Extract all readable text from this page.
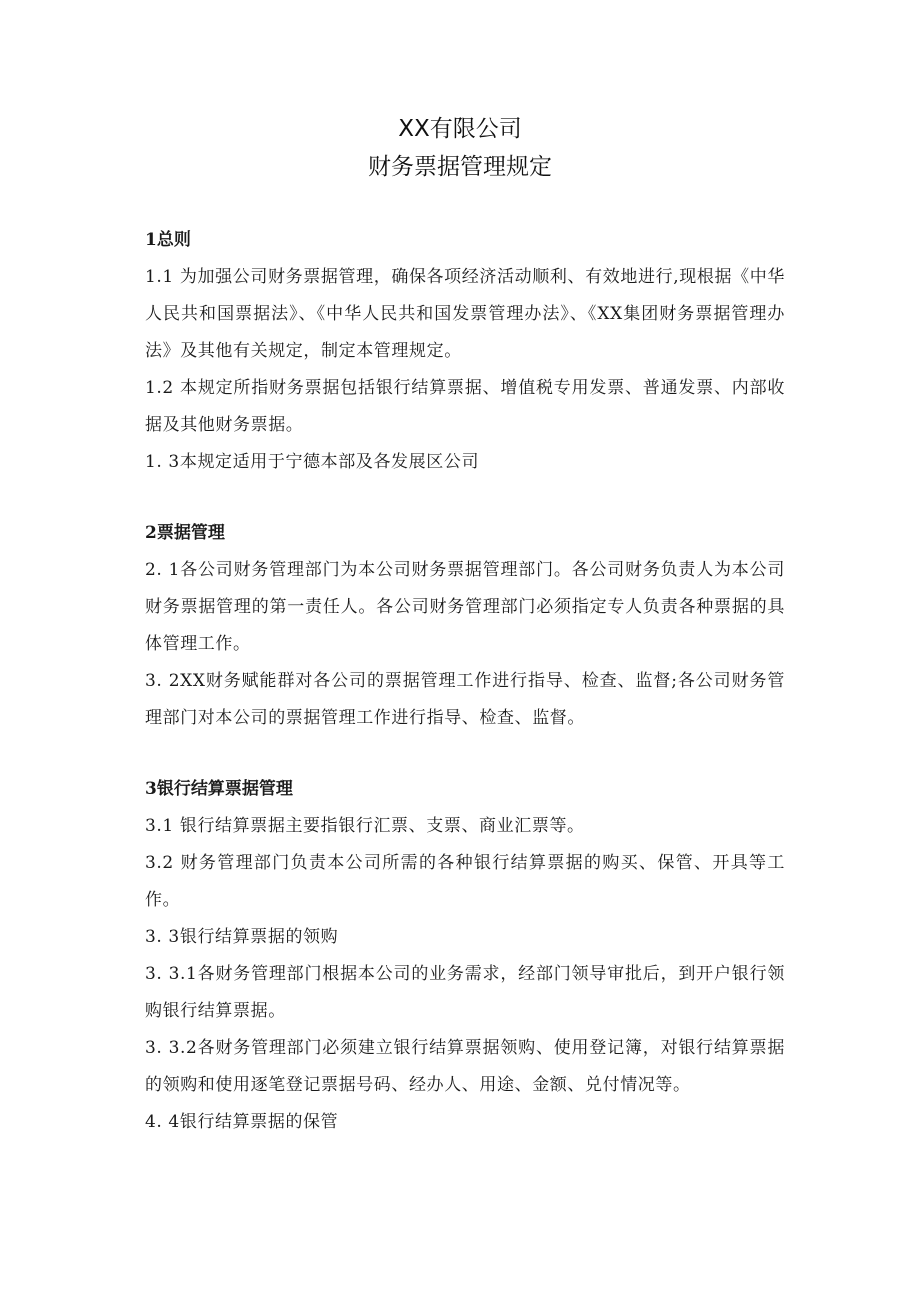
XX有限公司
财务票据管理规定
1总则
1.1 为加强公司财务票据管理，确保各项经济活动顺利、有效地进行,现根据《中华人民共和国票据法》、《中华人民共和国发票管理办法》、《XX集团财务票据管理办法》及其他有关规定，制定本管理规定。
1.2 本规定所指财务票据包括银行结算票据、增值税专用发票、普通发票、内部收据及其他财务票据。
1. 3本规定适用于宁德本部及各发展区公司
2票据管理
2. 1各公司财务管理部门为本公司财务票据管理部门。各公司财务负责人为本公司财务票据管理的第一责任人。各公司财务管理部门必须指定专人负责各种票据的具体管理工作。
3. 2XX财务赋能群对各公司的票据管理工作进行指导、检查、监督;各公司财务管理部门对本公司的票据管理工作进行指导、检查、监督。
3银行结算票据管理
3.1 银行结算票据主要指银行汇票、支票、商业汇票等。
3.2 财务管理部门负责本公司所需的各种银行结算票据的购买、保管、开具等工作。
3. 3银行结算票据的领购
3. 3.1各财务管理部门根据本公司的业务需求，经部门领导审批后，到开户银行领购银行结算票据。
3. 3.2各财务管理部门必须建立银行结算票据领购、使用登记簿，对银行结算票据的领购和使用逐笔登记票据号码、经办人、用途、金额、兑付情况等。
4. 4银行结算票据的保管
